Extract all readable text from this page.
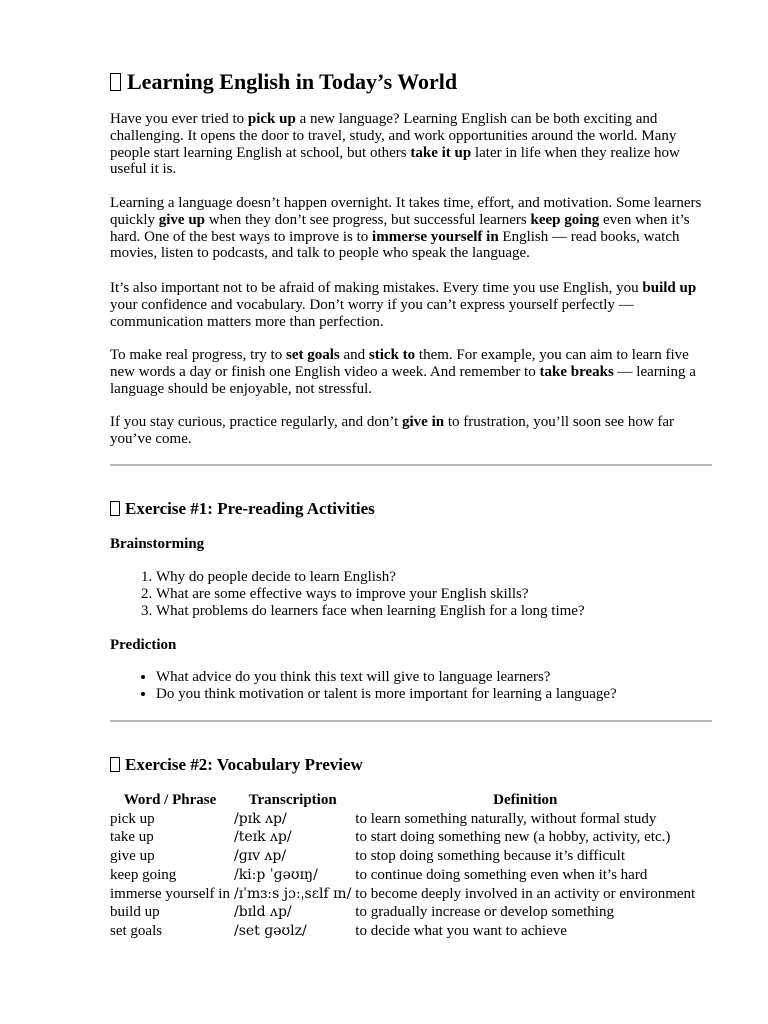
Learning English in Today’s World

Have you ever tried to pick up a new language? Learning English can be both exciting and challenging. It opens the door to travel, study, and work opportunities around the world. Many people start learning English at school, but others take it up later in life when they realize how useful it is.

Learning a language doesn’t happen overnight. It takes time, effort, and motivation. Some learners quickly give up when they don’t see progress, but successful learners keep going even when it’s hard. One of the best ways to improve is to immerse yourself in English — read books, watch movies, listen to podcasts, and talk to people who speak the language.

It’s also important not to be afraid of making mistakes. Every time you use English, you build up your confidence and vocabulary. Don’t worry if you can’t express yourself perfectly — communication matters more than perfection.

To make real progress, try to set goals and stick to them. For example, you can aim to learn five new words a day or finish one English video a week. And remember to take breaks — learning a language should be enjoyable, not stressful.

If you stay curious, practice regularly, and don’t give in to frustration, you’ll soon see how far you’ve come.

Exercise #1: Pre-reading Activities
Brainstorming
1. Why do people decide to learn English?
2. What are some effective ways to improve your English skills?
3. What problems do learners face when learning English for a long time?
Prediction
• What advice do you think this text will give to language learners?
• Do you think motivation or talent is more important for learning a language?
Exercise #2: Vocabulary Preview
Word / Phrase	Transcription	Definition
pick up	/pɪk ʌp/	to learn something naturally, without formal study
take up	/teɪk ʌp/	to start doing something new (a hobby, activity, etc.)
give up	/ɡɪv ʌp/	to stop doing something because it’s difficult
keep going	/kiːp ˈɡəʊɪŋ/	to continue doing something even when it’s hard
immerse yourself in	/ɪˈmɜːs jɔːˌsɛlf ɪn/	to become deeply involved in an activity or environment
build up	/bɪld ʌp/	to gradually increase or develop something
set goals	/set ɡəʊlz/	to decide what you want to achieve
